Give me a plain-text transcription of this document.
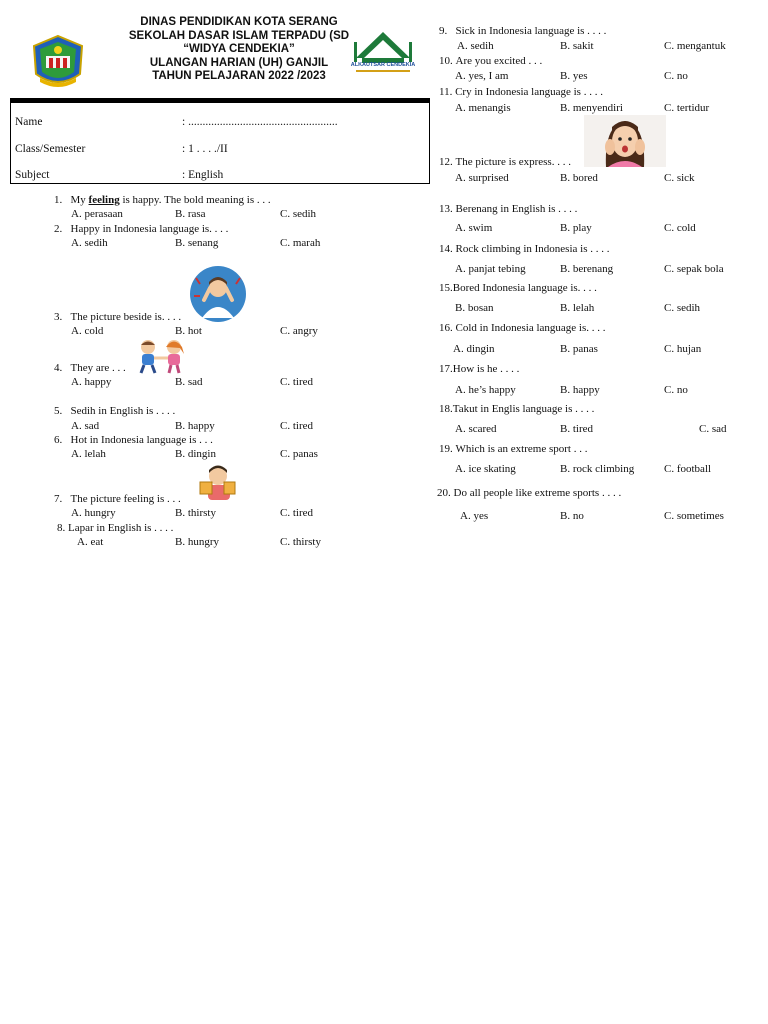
DINAS PENDIDIKAN KOTA SERANG
SEKOLAH DASAR ISLAM TERPADU (SD
“WIDYA CENDEKIA”
ULANGAN HARIAN (UH) GANJIL
TAHUN PELAJARAN 2022 /2023
ALKAUTSAR CENDEKIA
Name	: ....................................................
Class/Semester	: 1 . . . ./II
Subject	: English
1. My feeling is happy. The bold meaning is . . .
A. perasaan	B. rasa	C. sedih
2. Happy in Indonesia language is. . . .
A. sedih	B. senang	C. marah
3. The picture beside is. . . .
A. cold	B. hot	C. angry
4. They are . . .
A. happy	B. sad	C. tired
5. Sedih in English is . . . .
A. sad	B. happy	C. tired
6. Hot in Indonesia language is . . .
A. lelah	B. dingin	C. panas
7. The picture feeling is . . .
A. hungry	B. thirsty	C. tired
8. Lapar in English is . . . .
A. eat	B. hungry	C. thirsty
9. Sick in Indonesia language is . . . .
A. sedih	B. sakit	C. mengantuk
10. Are you excited . . .
A. yes, I am	B. yes	C. no
11. Cry in Indonesia language is . . . .
A. menangis	B. menyendiri	C. tertidur
12. The picture is express. . . .
A. surprised	B. bored	C. sick
13. Berenang in English is . . . .
A. swim	B. play	C. cold
14. Rock climbing in Indonesia is . . . .
A. panjat tebing	B. berenang	C. sepak bola
15.Bored Indonesia language is. . . .
B. bosan	B. lelah	C. sedih
16. Cold in Indonesia language is. . . .
A. dingin	B. panas	C. hujan
17.How is he . . . .
A. he’s happy	B. happy	C. no
18.Takut in Englis language is . . . .
A. scared	B. tired	C. sad
19. Which is an extreme sport . . .
A. ice skating	B. rock climbing	C. football
20. Do all people like extreme sports . . . .
A. yes	B. no	C. sometimes
